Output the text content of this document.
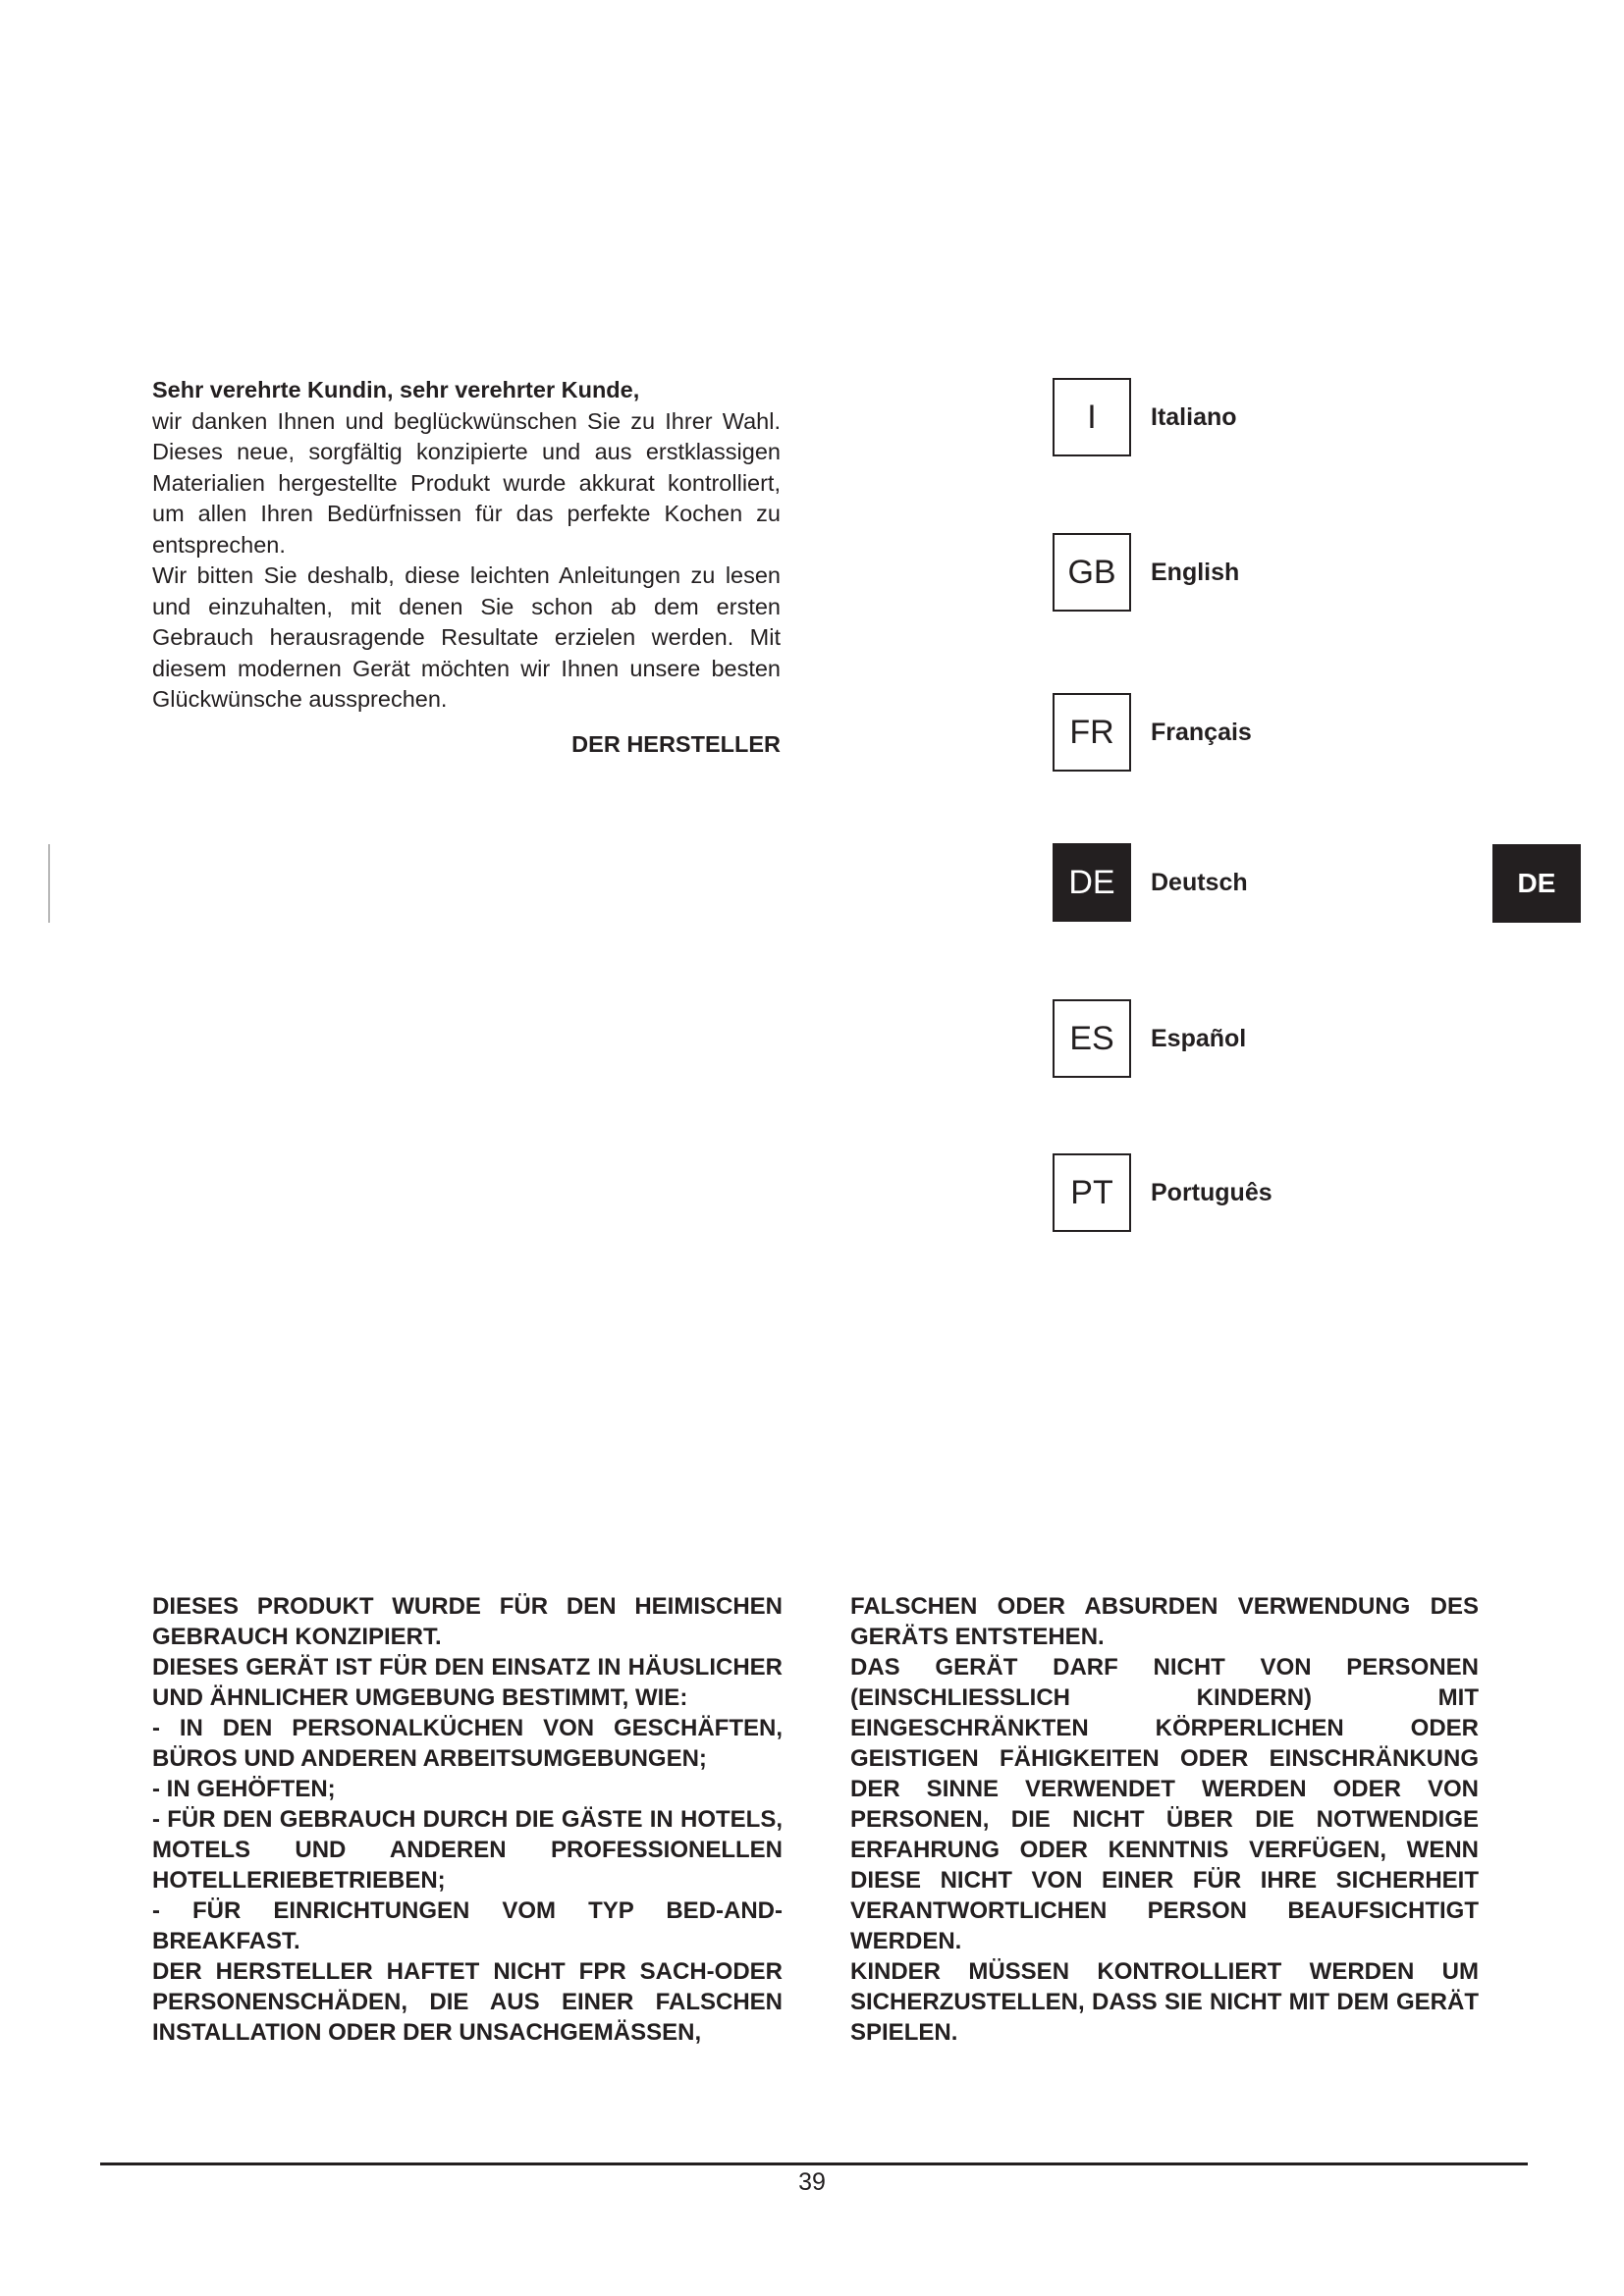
Sehr verehrte Kundin, sehr verehrter Kunde,

wir danken Ihnen und beglückwünschen Sie zu Ihrer Wahl. Dieses neue, sorgfältig konzipierte und aus erstklassigen Materialien hergestellte Produkt wurde akkurat kontrolliert, um allen Ihren Bedürfnissen für das perfekte Kochen zu entsprechen.

Wir bitten Sie deshalb, diese leichten Anleitungen zu lesen und einzuhalten, mit denen Sie schon ab dem ersten Gebrauch herausragende Resultate erzielen werden. Mit diesem modernen Gerät möchten wir Ihnen unsere besten Glückwünsche aussprechen.

DER HERSTELLER

I	Italiano
GB	English
FR	Français
DE	Deutsch
ES	Español
PT	Português
DE

DIESES PRODUKT WURDE FÜR DEN HEIMISCHEN GEBRAUCH KONZIPIERT.

DIESES GERÄT IST FÜR DEN EINSATZ IN HÄUSLICHER UND ÄHNLICHER UMGEBUNG BESTIMMT, WIE:

- IN DEN PERSONALKÜCHEN VON GESCHÄFTEN, BÜROS UND ANDEREN ARBEITSUMGEBUNGEN;

- IN GEHÖFTEN;

- FÜR DEN GEBRAUCH DURCH DIE GÄSTE IN HOTELS, MOTELS UND ANDEREN PROFESSIONELLEN HOTELLERIEBETRIEBEN;

- FÜR EINRICHTUNGEN VOM TYP BED-AND-BREAKFAST.

DER HERSTELLER HAFTET NICHT FPR SACH-ODER PERSONENSCHÄDEN, DIE AUS EINER FALSCHEN INSTALLATION ODER DER UNSACHGEMÄSSEN,

FALSCHEN ODER ABSURDEN VERWENDUNG DES GERÄTS ENTSTEHEN.

DAS GERÄT DARF NICHT VON PERSONEN (EINSCHLIESSLICH KINDERN) MIT EINGESCHRÄNKTEN KÖRPERLICHEN ODER GEISTIGEN FÄHIGKEITEN ODER EINSCHRÄNKUNG DER SINNE VERWENDET WERDEN ODER VON PERSONEN, DIE NICHT ÜBER DIE NOTWENDIGE ERFAHRUNG ODER KENNTNIS VERFÜGEN, WENN DIESE NICHT VON EINER FÜR IHRE SICHERHEIT VERANTWORTLICHEN PERSON BEAUFSICHTIGT WERDEN.

KINDER MÜSSEN KONTROLLIERT WERDEN UM SICHERZUSTELLEN, DASS SIE NICHT MIT DEM GERÄT SPIELEN.

39
